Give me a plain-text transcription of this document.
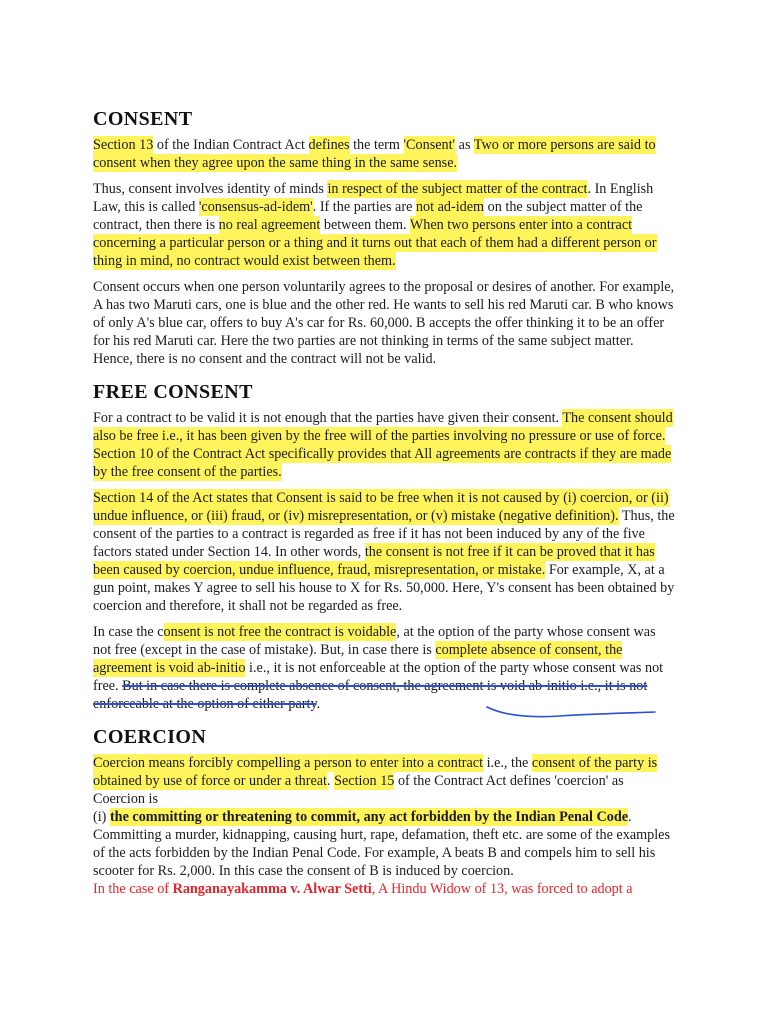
CONSENT

Section 13 of the Indian Contract Act defines the term 'Consent' as Two or more persons are said to consent when they agree upon the same thing in the same sense.

Thus, consent involves identity of minds in respect of the subject matter of the contract. In English Law, this is called 'consensus-ad-idem'. If the parties are not ad-idem on the subject matter of the contract, then there is no real agreement between them. When two persons enter into a contract concerning a particular person or a thing and it turns out that each of them had a different person or thing in mind, no contract would exist between them.

Consent occurs when one person voluntarily agrees to the proposal or desires of another. For example, A has two Maruti cars, one is blue and the other red. He wants to sell his red Maruti car. B who knows of only A's blue car, offers to buy A's car for Rs. 60,000. B accepts the offer thinking it to be an offer for his red Maruti car. Here the two parties are not thinking in terms of the same subject matter. Hence, there is no consent and the contract will not be valid.

FREE CONSENT

For a contract to be valid it is not enough that the parties have given their consent. The consent should also be free i.e., it has been given by the free will of the parties involving no pressure or use of force. Section 10 of the Contract Act specifically provides that All agreements are contracts if they are made by the free consent of the parties.

Section 14 of the Act states that Consent is said to be free when it is not caused by (i) coercion, or (ii) undue influence, or (iii) fraud, or (iv) misrepresentation, or (v) mistake (negative definition). Thus, the consent of the parties to a contract is regarded as free if it has not been induced by any of the five factors stated under Section 14. In other words, the consent is not free if it can be proved that it has been caused by coercion, undue influence, fraud, misrepresentation, or mistake. For example, X, at a gun point, makes Y agree to sell his house to X for Rs. 50,000. Here, Y's consent has been obtained by coercion and therefore, it shall not be regarded as free.

In case the consent is not free the contract is voidable, at the option of the party whose consent was not free (except in the case of mistake). But, in case there is complete absence of consent, the agreement is void ab-initio i.e., it is not enforceable at the option of the party whose consent was not free. But in case there is complete absence of consent, the agreement is void ab-initio i.e., it is not enforceable at the option of either party.

COERCION

Coercion means forcibly compelling a person to enter into a contract i.e., the consent of the party is obtained by use of force or under a threat. Section 15 of the Contract Act defines 'coercion' as Coercion is
(i) the committing or threatening to commit, any act forbidden by the Indian Penal Code.
Committing a murder, kidnapping, causing hurt, rape, defamation, theft etc. are some of the examples of the acts forbidden by the Indian Penal Code. For example, A beats B and compels him to sell his scooter for Rs. 2,000. In this case the consent of B is induced by coercion.
In the case of Ranganayakamma v. Alwar Setti, A Hindu Widow of 13, was forced to adopt a
